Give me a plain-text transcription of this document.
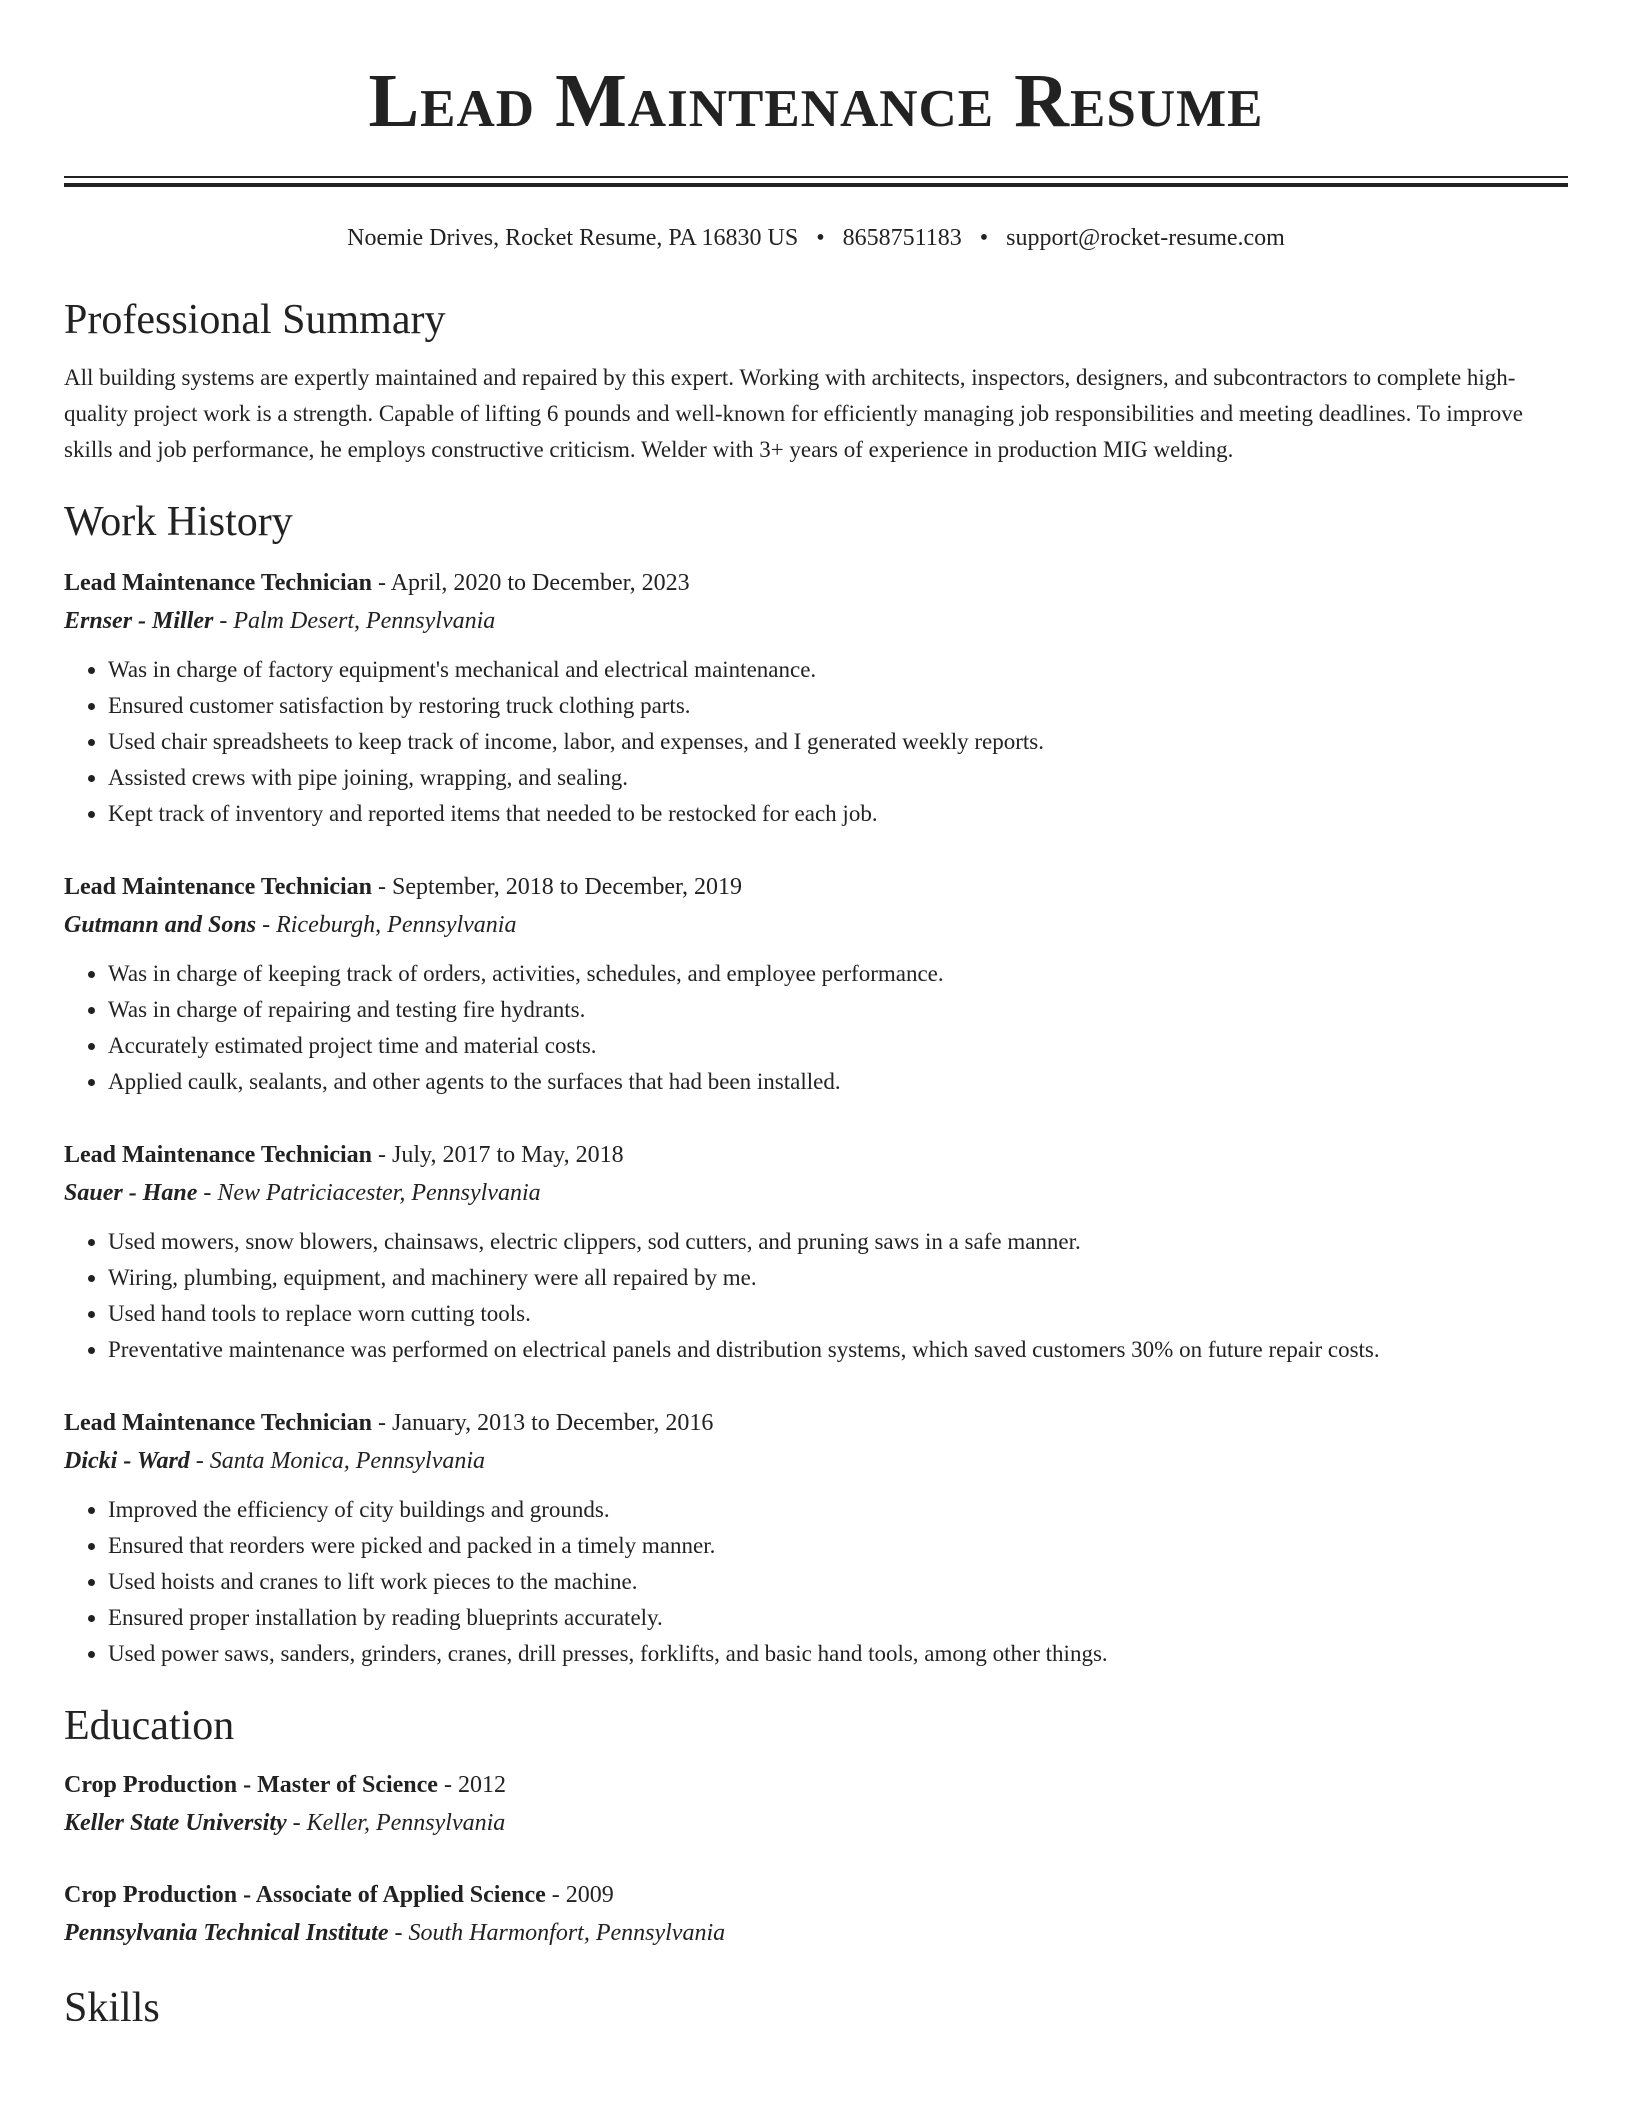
Lead Maintenance Resume
Noemie Drives, Rocket Resume, PA 16830 US • 8658751183 • support@rocket-resume.com
Professional Summary

All building systems are expertly maintained and repaired by this expert. Working with architects, inspectors, designers, and subcontractors to complete high-quality project work is a strength. Capable of lifting 6 pounds and well-known for efficiently managing job responsibilities and meeting deadlines. To improve skills and job performance, he employs constructive criticism. Welder with 3+ years of experience in production MIG welding.

Work History
Lead Maintenance Technician - April, 2020 to December, 2023
Ernser - Miller - Palm Desert, Pennsylvania
• Was in charge of factory equipment's mechanical and electrical maintenance.
• Ensured customer satisfaction by restoring truck clothing parts.
• Used chair spreadsheets to keep track of income, labor, and expenses, and I generated weekly reports.
• Assisted crews with pipe joining, wrapping, and sealing.
• Kept track of inventory and reported items that needed to be restocked for each job.
Lead Maintenance Technician - September, 2018 to December, 2019
Gutmann and Sons - Riceburgh, Pennsylvania
• Was in charge of keeping track of orders, activities, schedules, and employee performance.
• Was in charge of repairing and testing fire hydrants.
• Accurately estimated project time and material costs.
• Applied caulk, sealants, and other agents to the surfaces that had been installed.
Lead Maintenance Technician - July, 2017 to May, 2018
Sauer - Hane - New Patriciacester, Pennsylvania
• Used mowers, snow blowers, chainsaws, electric clippers, sod cutters, and pruning saws in a safe manner.
• Wiring, plumbing, equipment, and machinery were all repaired by me.
• Used hand tools to replace worn cutting tools.
• Preventative maintenance was performed on electrical panels and distribution systems, which saved customers 30% on future repair costs.
Lead Maintenance Technician - January, 2013 to December, 2016
Dicki - Ward - Santa Monica, Pennsylvania
• Improved the efficiency of city buildings and grounds.
• Ensured that reorders were picked and packed in a timely manner.
• Used hoists and cranes to lift work pieces to the machine.
• Ensured proper installation by reading blueprints accurately.
• Used power saws, sanders, grinders, cranes, drill presses, forklifts, and basic hand tools, among other things.
Education
Crop Production - Master of Science - 2012
Keller State University - Keller, Pennsylvania
Crop Production - Associate of Applied Science - 2009
Pennsylvania Technical Institute - South Harmonfort, Pennsylvania
Skills
